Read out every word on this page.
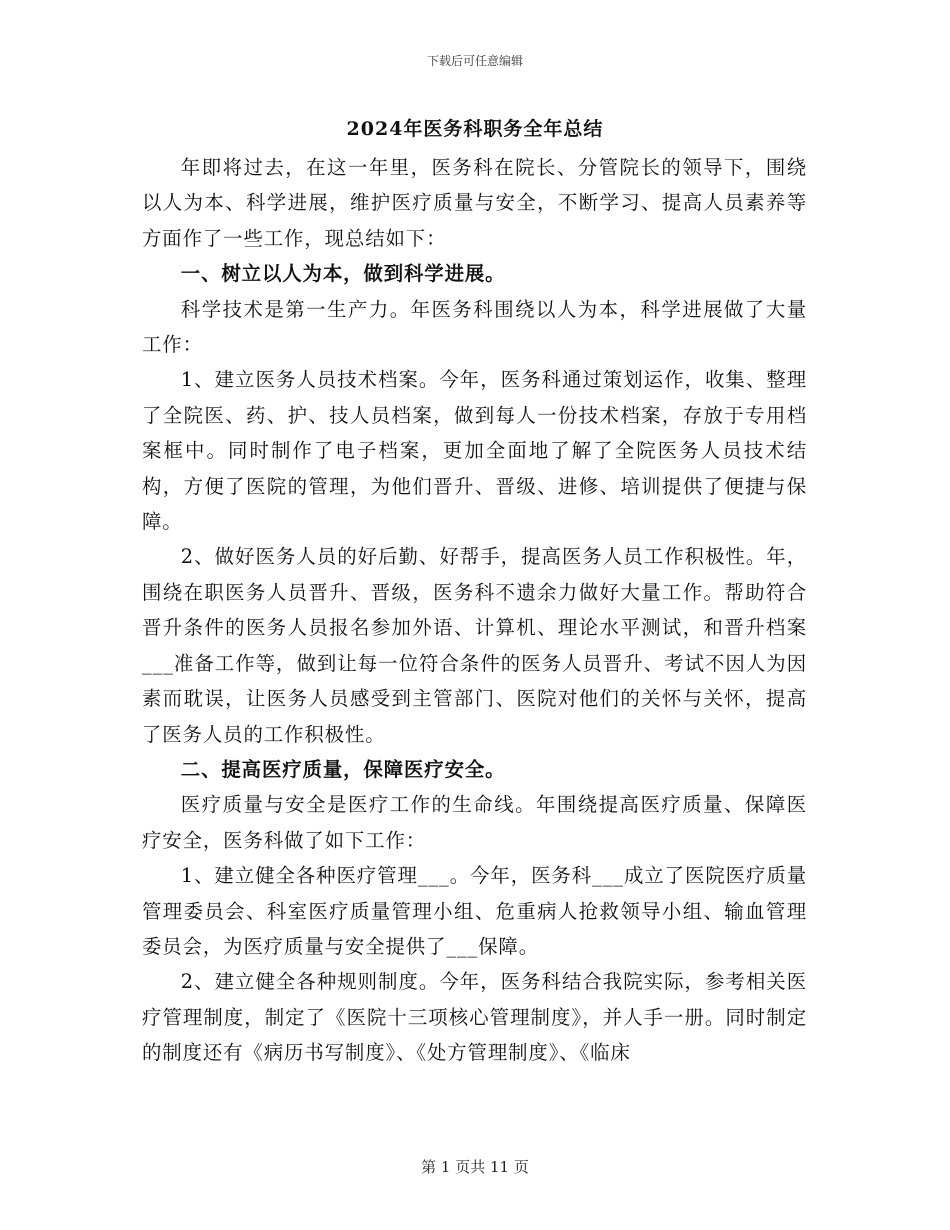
下载后可任意编辑
2024年医务科职务全年总结

年即将过去，在这一年里，医务科在院长、分管院长的领导下，围绕以人为本、科学进展，维护医疗质量与安全，不断学习、提高人员素养等方面作了一些工作，现总结如下：

一、树立以人为本，做到科学进展。

科学技术是第一生产力。年医务科围绕以人为本，科学进展做了大量工作：

1、建立医务人员技术档案。今年，医务科通过策划运作，收集、整理了全院医、药、护、技人员档案，做到每人一份技术档案，存放于专用档案框中。同时制作了电子档案，更加全面地了解了全院医务人员技术结构，方便了医院的管理，为他们晋升、晋级、进修、培训提供了便捷与保障。

2、做好医务人员的好后勤、好帮手，提高医务人员工作积极性。年，围绕在职医务人员晋升、晋级，医务科不遗余力做好大量工作。帮助符合晋升条件的医务人员报名参加外语、计算机、理论水平测试，和晋升档案___准备工作等，做到让每一位符合条件的医务人员晋升、考试不因人为因素而耽误，让医务人员感受到主管部门、医院对他们的关怀与关怀，提高了医务人员的工作积极性。

二、提高医疗质量，保障医疗安全。

医疗质量与安全是医疗工作的生命线。年围绕提高医疗质量、保障医疗安全，医务科做了如下工作：

1、建立健全各种医疗管理___。今年，医务科___成立了医院医疗质量管理委员会、科室医疗质量管理小组、危重病人抢救领导小组、输血管理委员会，为医疗质量与安全提供了___保障。

2、建立健全各种规则制度。今年，医务科结合我院实际，参考相关医疗管理制度，制定了《医院十三项核心管理制度》，并人手一册。同时制定的制度还有《病历书写制度》、《处方管理制度》、《临床

第 1 页共 11 页
